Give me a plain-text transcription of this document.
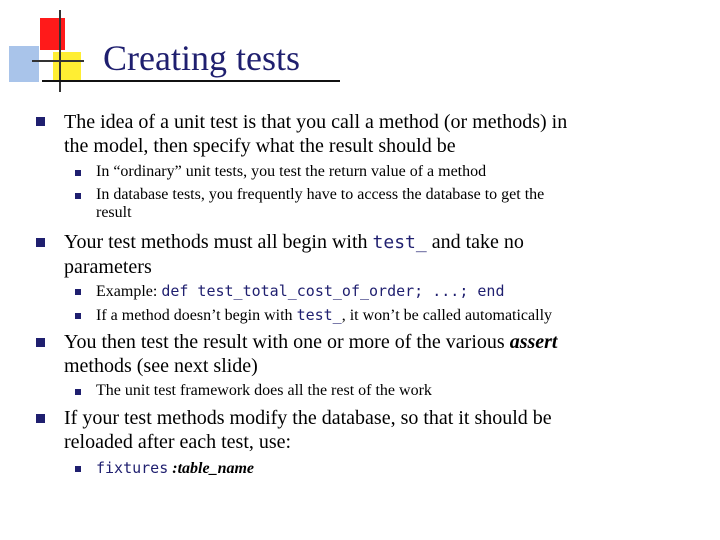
Creating tests
The idea of a unit test is that you call a method (or methods) in
the model, then specify what the result should be
In “ordinary” unit tests, you test the return value of a method
In database tests, you frequently have to access the database to get the
result
Your test methods must all begin with test_ and take no
parameters
Example: def test_total_cost_of_order; ...; end
If a method doesn’t begin with test_, it won’t be called automatically
You then test the result with one or more of the various assert
methods (see next slide)
The unit test framework does all the rest of the work
If your test methods modify the database, so that it should be
reloaded after each test, use:
fixtures :table_name
